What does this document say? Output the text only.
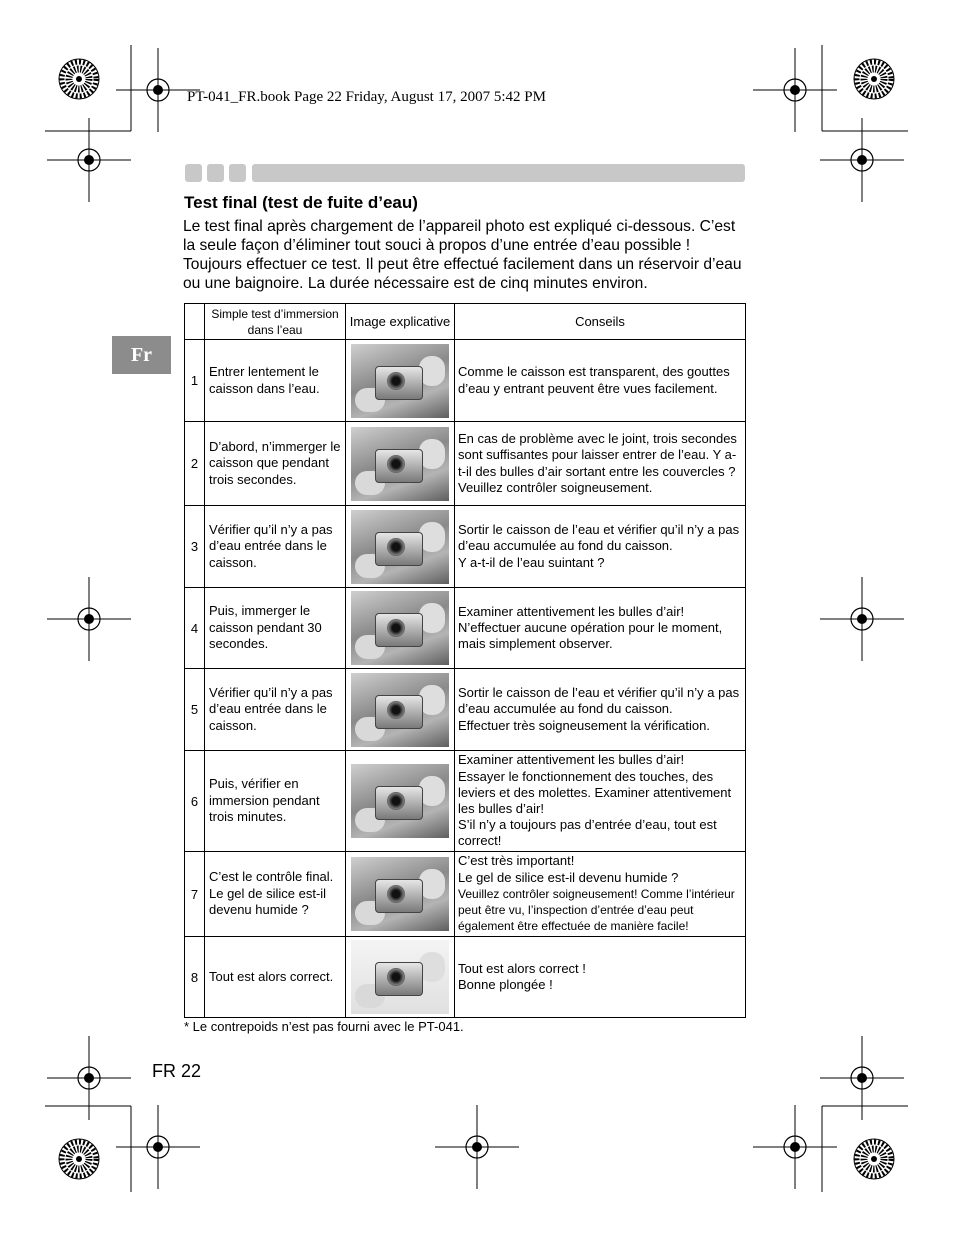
PT-041_FR.book Page 22 Friday, August 17, 2007 5:42 PM
Fr
Test final (test de fuite d’eau)
Le test final après chargement de l’appareil photo est expliqué ci-dessous. C’est la seule façon d’éliminer tout souci à propos d’une entrée d’eau possible ! Toujours effectuer ce test. Il peut être effectué facilement dans un réservoir d’eau ou une baignoire. La durée nécessaire est de cinq minutes environ.
	Simple test d’immersion dans l’eau	Image explicative	Conseils
1	Entrer lentement le caisson dans l’eau.		Comme le caisson est transparent, des gouttes d’eau y entrant peuvent être vues facilement.

2	D’abord, n’immerger le caisson que pendant trois secondes.		En cas de problème avec le joint, trois secondes sont suffisantes pour laisser entrer de l’eau. Y a-t-il des bulles d’air sortant entre les couvercles ?
Veuillez contrôler soigneusement.

3	Vérifier qu’il n’y a pas d’eau entrée dans le caisson.		Sortir le caisson de l’eau et vérifier qu’il n’y a pas d’eau accumulée au fond du caisson.
Y a-t-il de l’eau suintant ?

4	Puis, immerger le caisson pendant 30 secondes.		Examiner attentivement les bulles d’air!
N’effectuer aucune opération pour le moment, mais simplement observer.

5	Vérifier qu’il n’y a pas d’eau entrée dans le caisson.		Sortir le caisson de l’eau et vérifier qu’il n’y a pas d’eau accumulée au fond du caisson.
Effectuer très soigneusement la vérification.

6	Puis, vérifier en immersion pendant trois minutes.		Examiner attentivement les bulles d’air!
Essayer le fonctionnement des touches, des leviers et des molettes. Examiner attentivement les bulles d’air!
S’il n’y a toujours pas d’entrée d’eau, tout est correct!

7	C’est le contrôle final. Le gel de silice est-il devenu humide ?		C’est très important!
Le gel de silice est-il devenu humide ?
Veuillez contrôler soigneusement! Comme l’intérieur peut être vu, l’inspection d’entrée d’eau peut également être effectuée de manière facile!

8	Tout est alors correct.		Tout est alors correct !
Bonne plongée !
* Le contrepoids n’est pas fourni avec le PT-041.
FR 22
